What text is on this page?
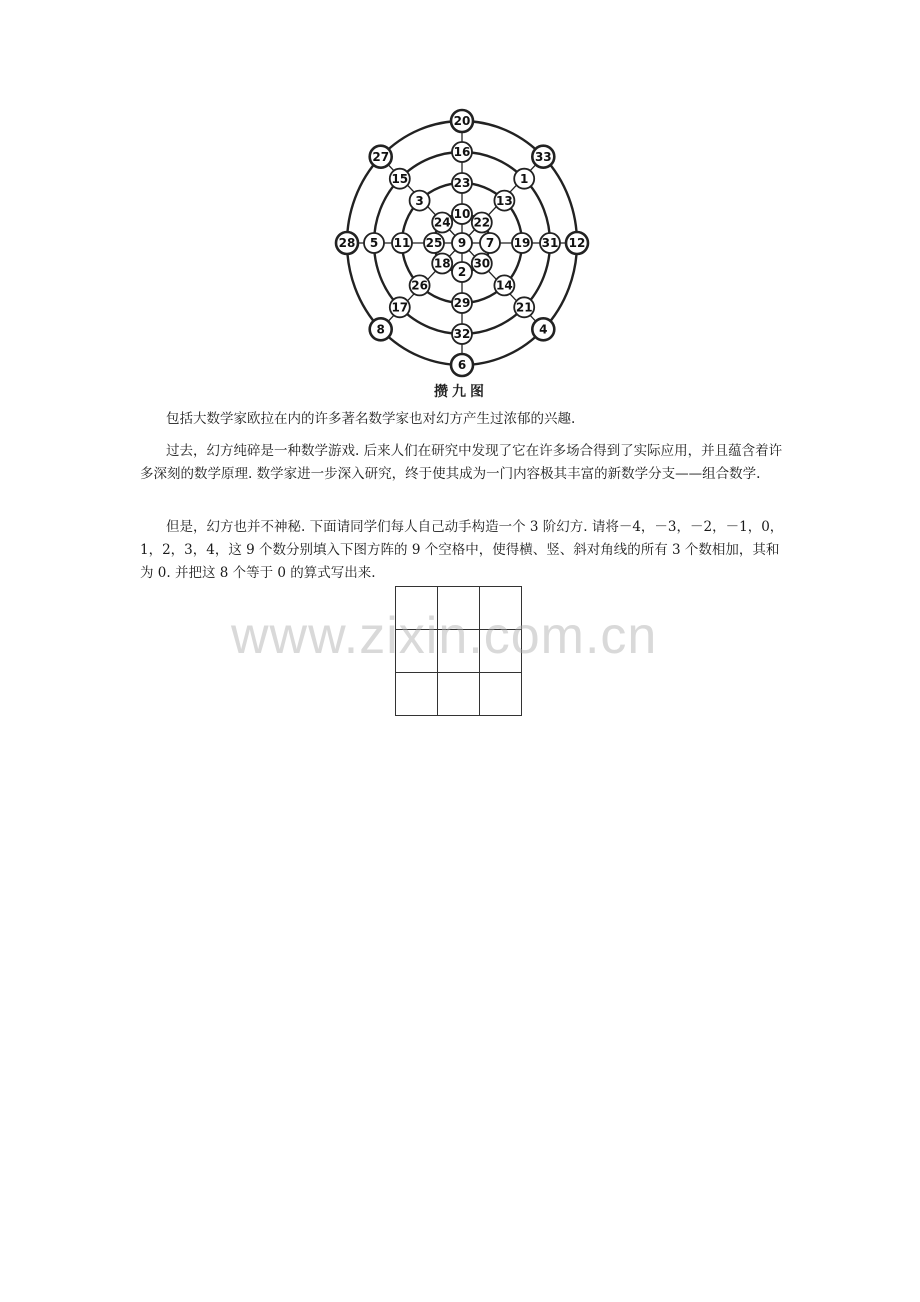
10
23
16
20
22
13
1
33
7 19 31 12
30
14
21
4
2
29
32
6
18
26
17
8
25
11
5
28
24
3
15
27
9
攒九图

包括大数学家欧拉在内的许多著名数学家也对幻方产生过浓郁的兴趣.

过去，幻方纯碎是一种数学游戏. 后来人们在研究中发现了它在许多场合得到了实际应用，并且蕴含着许多深刻的数学原理. 数学家进一步深入研究，终于使其成为一门内容极其丰富的新数学分支——组合数学.

但是，幻方也并不神秘. 下面请同学们每人自己动手构造一个 3 阶幻方. 请将－4，－3，－2，－1，0，1，2，3，4，这 9 个数分别填入下图方阵的 9 个空格中，使得横、竖、斜对角线的所有 3 个数相加，其和为 0. 并把这 8 个等于 0 的算式写出来.

www.zixin.com.cn
